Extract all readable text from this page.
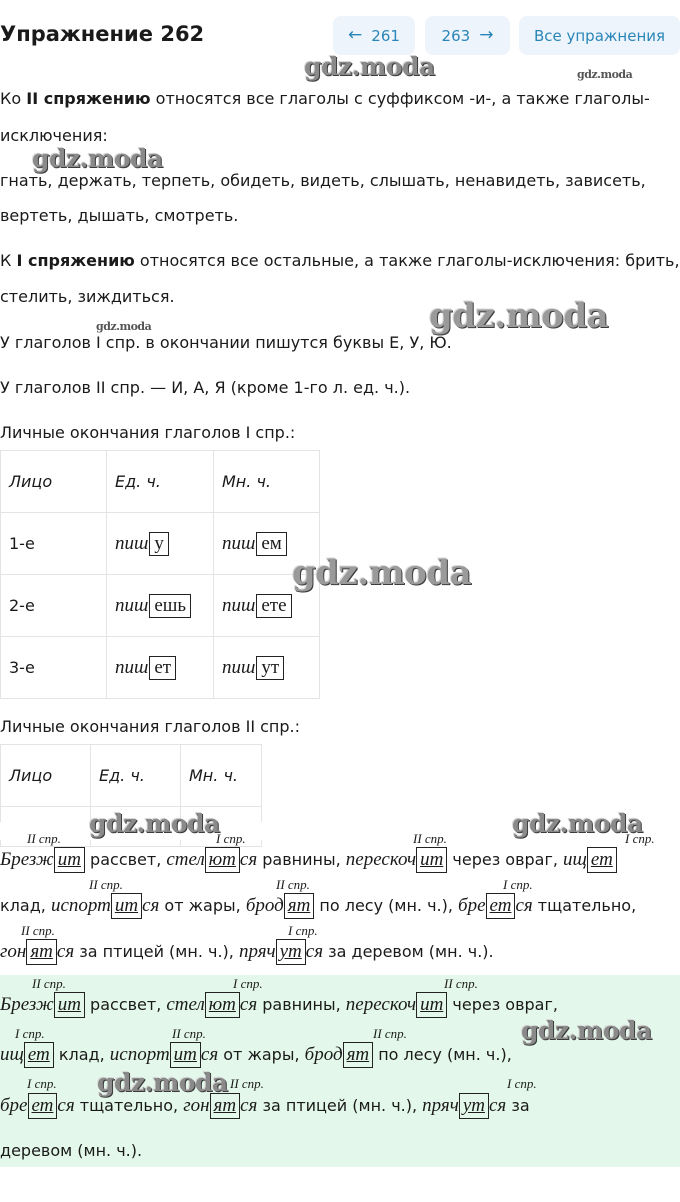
Упражнение 262	← 261	263 →	Все упражнения
Ко II спряжению относятся все глаголы с суффиксом -и-, а также глаголы-
исключения:
гнать, держать, терпеть, обидеть, видеть, слышать, ненавидеть, зависеть,
вертеть, дышать, смотреть.
К I спряжению относятся все остальные, а также глаголы-исключения: брить,
стелить, зиждиться.
У глаголов I спр. в окончании пишутся буквы Е, У, Ю.
У глаголов II спр. — И, А, Я (кроме 1-го л. ед. ч.).
Личные окончания глаголов I спр.:
Лицо	Ед. ч.	Мн. ч.
1-е	пиш у	пиш ем
2-е	пиш ешь	пиш ете
3-е	пиш ет	пиш ут
Личные окончания глаголов II спр.:
Лицо	Ед. ч.	Мн. ч.

II спр.	I спр.	II спр.	I спр.
Брезж ит рассвет, стел ют ся равнины, перескоч ит через овраг, ищ ет
II спр.	II спр.	I спр.
клад, испорт ит ся от жары, брод ят по лесу (мн. ч.), бре ет ся тщательно,
II спр.	I спр.
гон ят ся за птицей (мн. ч.), пряч ут ся за деревом (мн. ч.).
II спр.	I спр.	II спр.
Брезж ит рассвет, стел ют ся равнины, перескоч ит через овраг,
I спр.	II спр.	II спр.
ищ ет клад, испорт ит ся от жары, брод ят по лесу (мн. ч.),
I спр.	II спр.	I спр.
бре ет ся тщательно, гон ят ся за птицей (мн. ч.), пряч ут ся за
деревом (мн. ч.).
gdz.moda	gdz.moda
gdz.moda
gdz.moda	gdz.moda
gdz.moda
gdz.moda	gdz.moda
gdz.moda
gdz.moda
